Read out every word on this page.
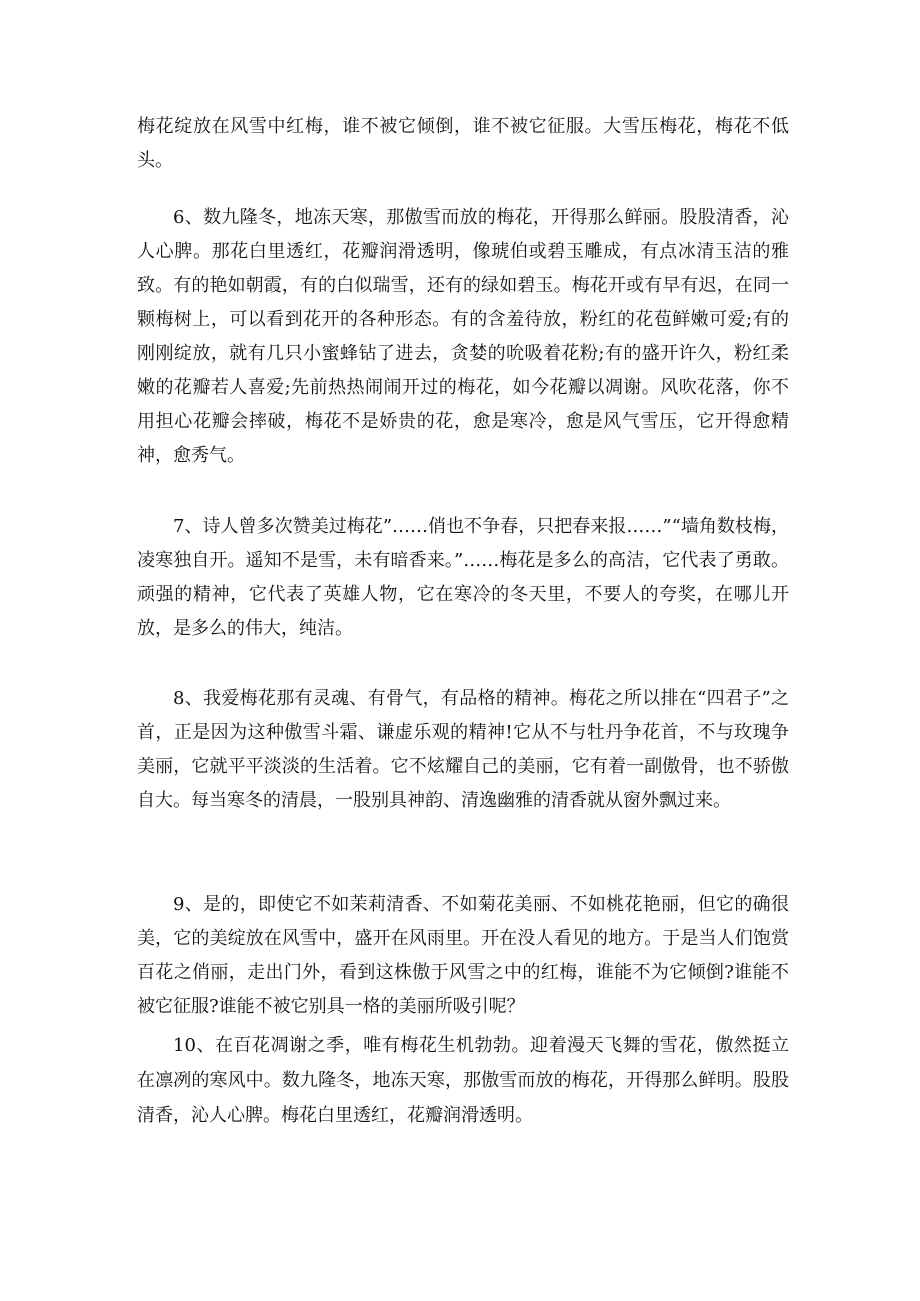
梅花绽放在风雪中红梅，谁不被它倾倒，谁不被它征服。大雪压梅花，梅花不低头。

6、数九隆冬，地冻天寒，那傲雪而放的梅花，开得那么鲜丽。股股清香，沁人心脾。那花白里透红，花瓣润滑透明，像琥伯或碧玉雕成，有点冰清玉洁的雅致。有的艳如朝霞，有的白似瑞雪，还有的绿如碧玉。梅花开或有早有迟，在同一颗梅树上，可以看到花开的各种形态。有的含羞待放，粉红的花苞鲜嫩可爱;有的刚刚绽放，就有几只小蜜蜂钻了进去，贪婪的吮吸着花粉;有的盛开许久，粉红柔嫩的花瓣若人喜爱;先前热热闹闹开过的梅花，如今花瓣以凋谢。风吹花落，你不用担心花瓣会摔破，梅花不是娇贵的花，愈是寒冷，愈是风气雪压，它开得愈精神，愈秀气。

7、诗人曾多次赞美过梅花”……俏也不争春，只把春来报……”“墙角数枝梅，凌寒独自开。遥知不是雪，未有暗香来。”……梅花是多么的高洁，它代表了勇敢。顽强的精神，它代表了英雄人物，它在寒冷的冬天里，不要人的夸奖，在哪儿开放，是多么的伟大，纯洁。

8、我爱梅花那有灵魂、有骨气，有品格的精神。梅花之所以排在“四君子”之首，正是因为这种傲雪斗霜、谦虚乐观的精神!它从不与牡丹争花首，不与玫瑰争美丽，它就平平淡淡的生活着。它不炫耀自己的美丽，它有着一副傲骨，也不骄傲自大。每当寒冬的清晨，一股别具神韵、清逸幽雅的清香就从窗外飘过来。

9、是的，即使它不如茉莉清香、不如菊花美丽、不如桃花艳丽，但它的确很美，它的美绽放在风雪中，盛开在风雨里。开在没人看见的地方。于是当人们饱赏百花之俏丽，走出门外，看到这株傲于风雪之中的红梅，谁能不为它倾倒?谁能不被它征服?谁能不被它别具一格的美丽所吸引呢？

10、在百花凋谢之季，唯有梅花生机勃勃。迎着漫天飞舞的雪花，傲然挺立在凛冽的寒风中。数九隆冬，地冻天寒，那傲雪而放的梅花，开得那么鲜明。股股清香，沁人心脾。梅花白里透红，花瓣润滑透明。
